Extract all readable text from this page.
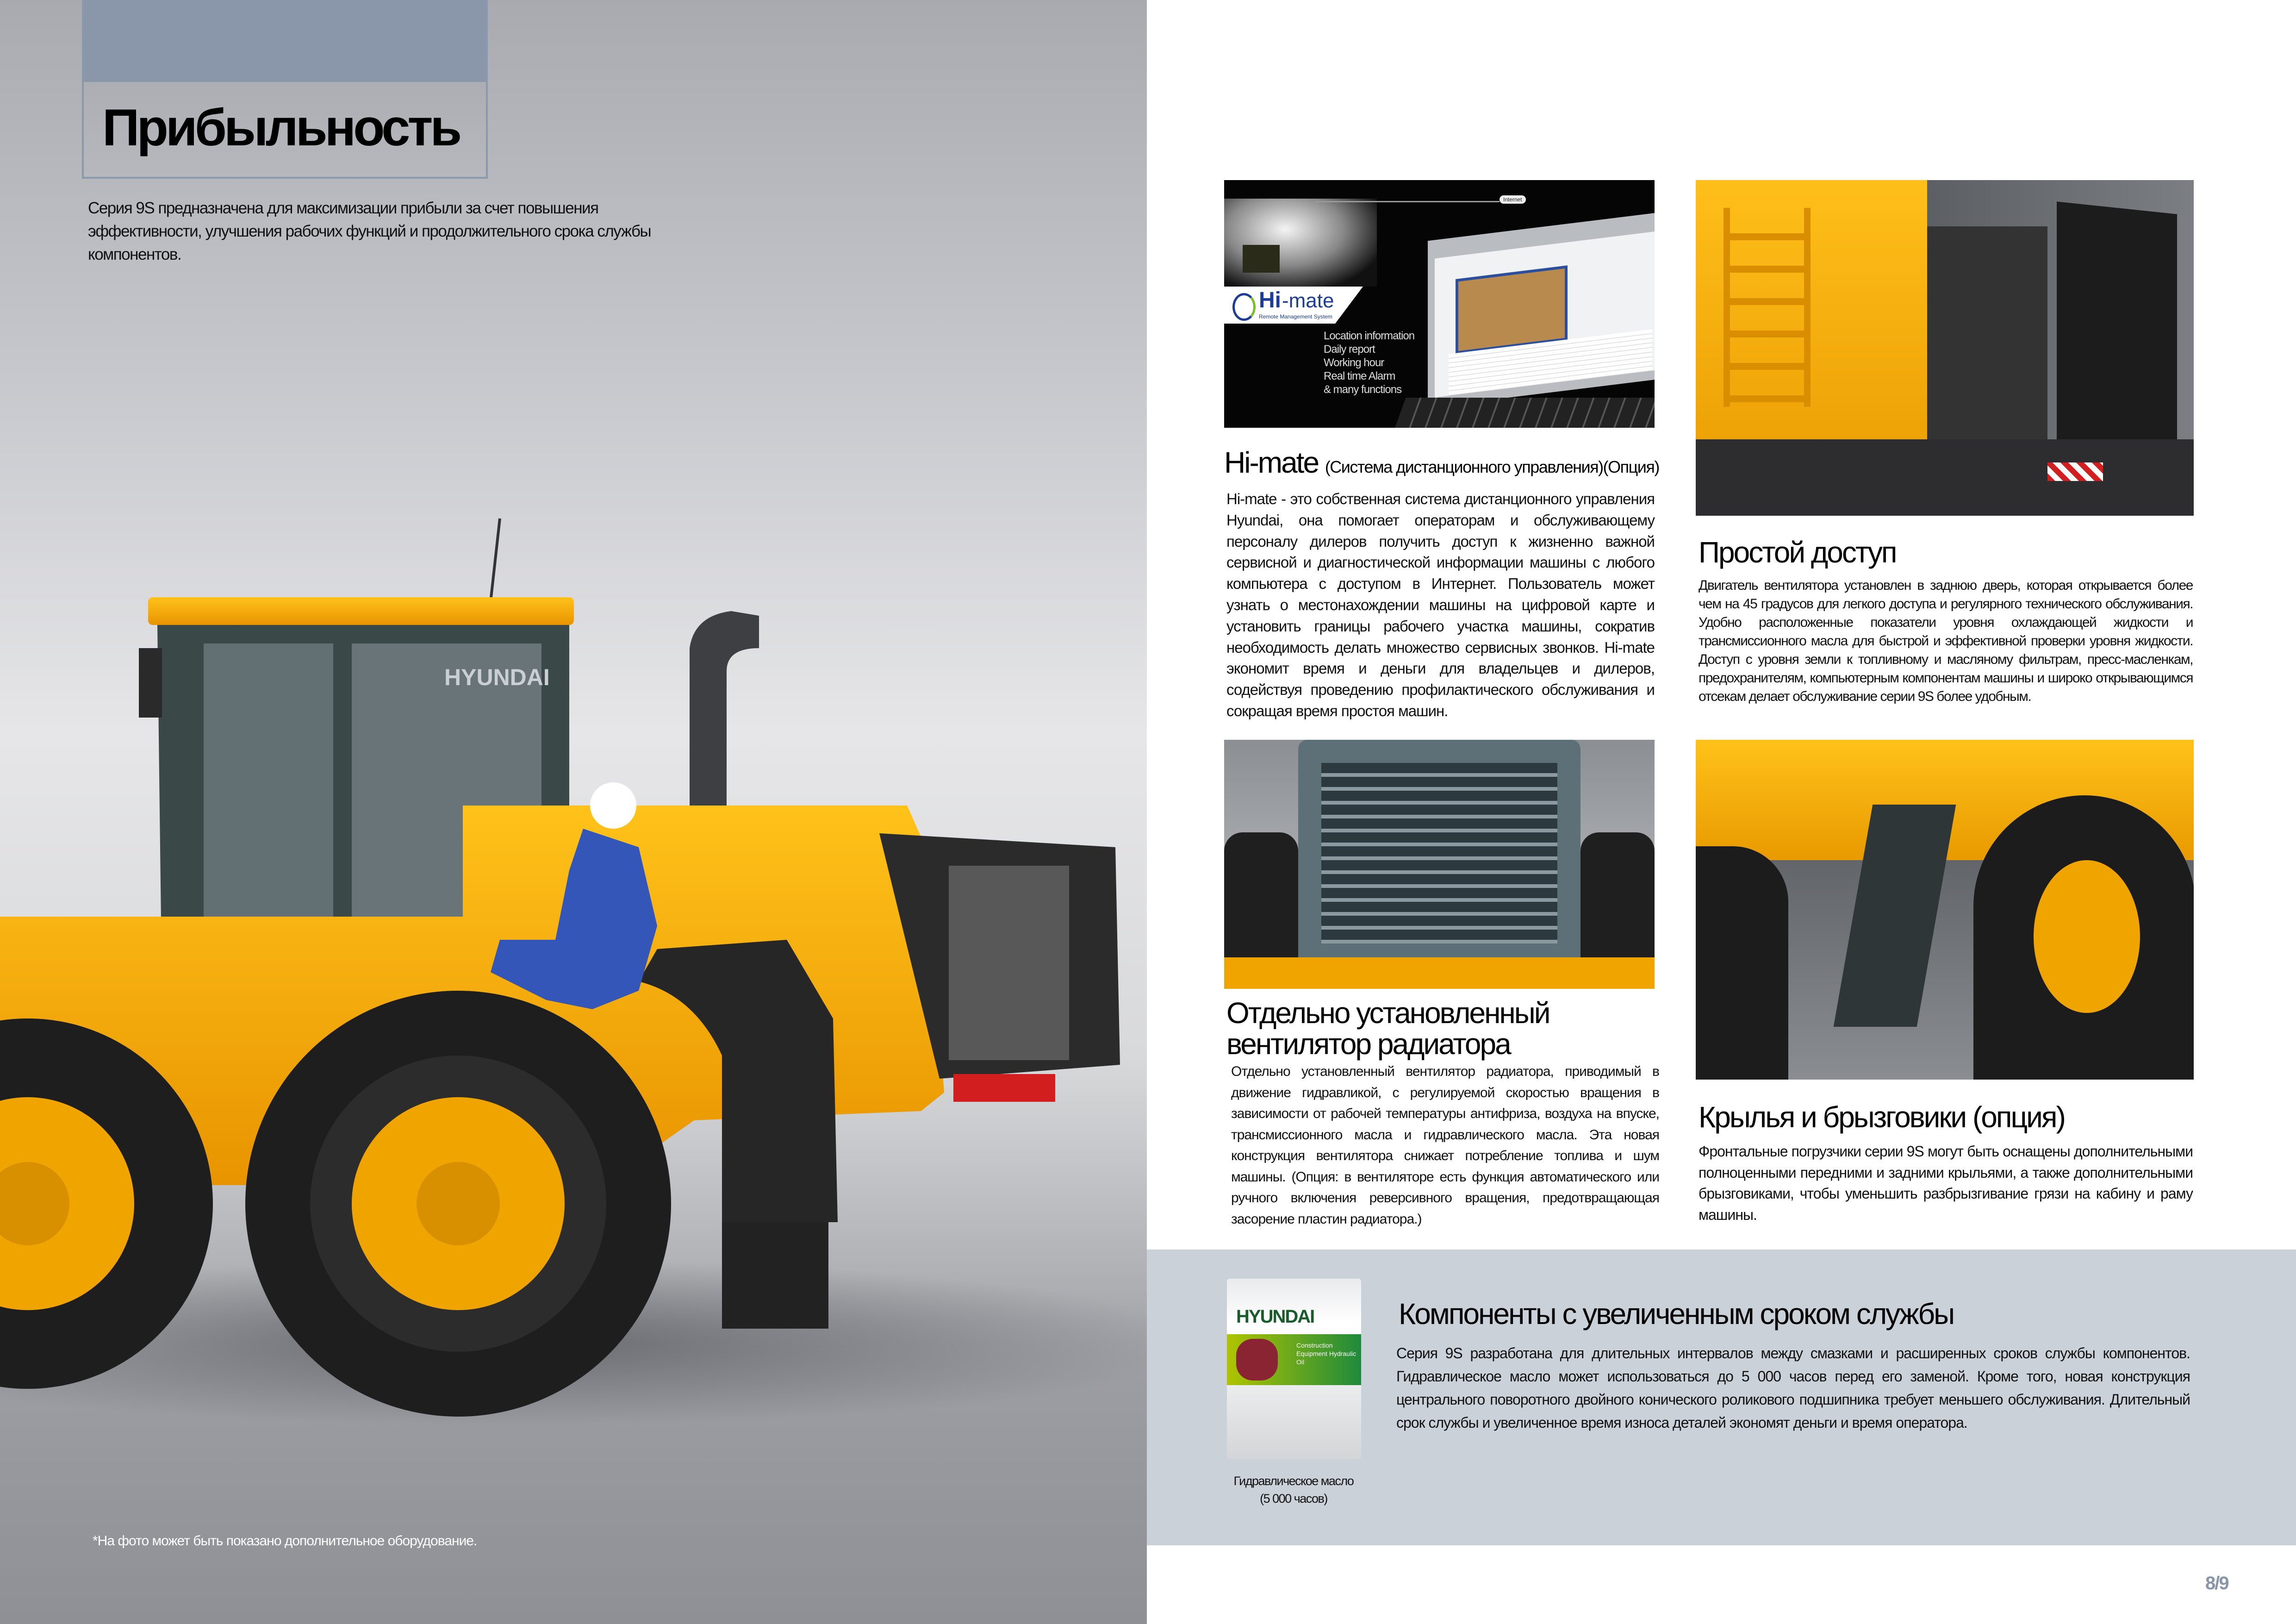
HYUNDAI
Прибыльность
Серия 9S предназначена для максимизации прибыли за счет повышения эффективности, улучшения рабочих функций и продолжительного срока службы компонентов.
*На фото может быть показано дополнительное оборудование.
Hi -mate
Remote Management System
Location information
Daily report
Working hour
Real time Alarm
& many functions
Internet
Hi-mate (Система дистанционного управления)(Опция)
Hi-mate - это собственная система дистанционного управления Hyundai, она помогает операторам и обслуживающему персоналу дилеров получить доступ к жизненно важной сервисной и диагностической информации машины с любого компьютера с доступом в Интернет. Пользователь может узнать о местонахождении машины на цифровой карте и установить границы рабочего участка машины, сократив необходимость делать множество сервисных звонков. Hi-mate экономит время и деньги для владельцев и дилеров, содействуя проведению профилактического обслуживания и сокращая время простоя машин.
Простой доступ
Двигатель вентилятора установлен в заднюю дверь, которая открывается более чем на 45 градусов для легкого доступа и регулярного технического обслуживания. Удобно расположенные показатели уровня охлаждающей жидкости и трансмиссионного масла для быстрой и эффективной проверки уровня жидкости. Доступ с уровня земли к топливному и масляному фильтрам, пресс-масленкам, предохранителям, компьютерным компонентам машины и широко открывающимся отсекам делает обслуживание серии 9S более удобным.
Отдельно установленный
вентилятор радиатора
Отдельно установленный вентилятор радиатора, приводимый в движение гидравликой, с регулируемой скоростью вращения в зависимости от рабочей температуры антифриза, воздуха на впуске, трансмиссионного масла и гидравлического масла. Эта новая конструкция вентилятора снижает потребление топлива и шум машины. (Опция: в вентиляторе есть функция автоматического или ручного включения реверсивного вращения, предотвращающая засорение пластин радиатора.)
Крылья и брызговики (опция)
Фронтальные погрузчики серии 9S могут быть оснащены дополнительными полноценными передними и задними крыльями, а также дополнительными брызговиками, чтобы уменьшить разбрызгивание грязи на кабину и раму машины.
HYUNDAI
Construction Equipment Hydraulic Oil
Гидравлическое масло
(5 000 часов)
Компоненты с увеличенным сроком службы
Серия 9S разработана для длительных интервалов между смазками и расширенных сроков службы компонентов. Гидравлическое масло может использоваться до 5 000 часов перед его заменой. Кроме того, новая конструкция центрального поворотного двойного конического роликового подшипника требует меньшего обслуживания. Длительный срок службы и увеличенное время износа деталей экономят деньги и время оператора.
8/9
